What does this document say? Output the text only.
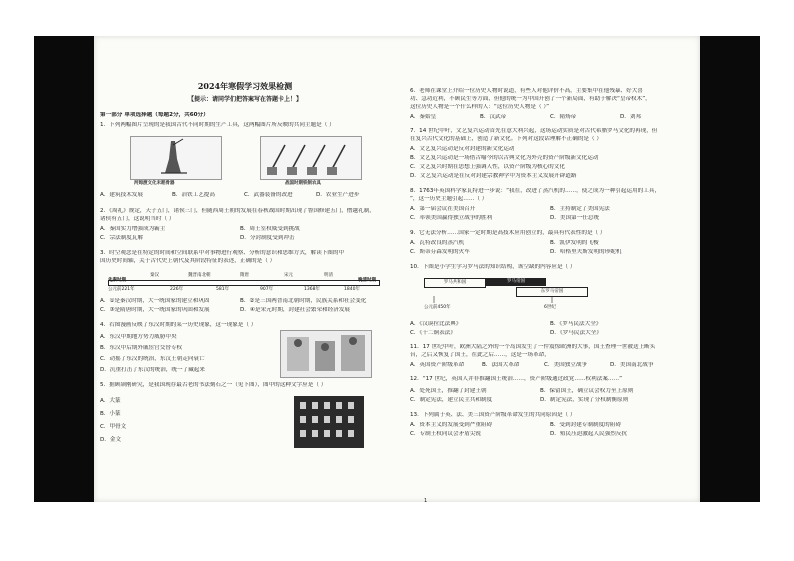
2024年寒假学习效果检测
【提示：请同学们把答案写在答题卡上！】
第一部分 单项选择题（每题2分，共60分）
1．下列两幅图片呈现的是我国古代不同时期的生产工具，这两幅图片所反映的共同主题是（ ）
河姆渡文化未耜骨器	战国时期铁制农具
A．建筑技术发展	B．冶铁工艺提高	C．武器装备的改进	D．农业生产进步
2．《周礼》规定，天子五门，诸侯三门，但随西周王朝的发展在春秋战国时期出现了鲁国修建五门，僭越礼制，
诸侯有五门，这说明当时（ ）
A．秦国实力增强成为霸主	B．周王室权威受到挑战
C．宗法制度瓦解	D．分封制度受到冲击
3．时空观念是在特定的时间和空间联系中对事物进行观察、分析的意识和思维方式，解读下图的中
国历史时间轴，关于古代史上朝代及其阶段特征的表述，正确的是（ ）
先秦时期
公元前221年	226年	581年	907年	1368年	1840年
秦汉	魏晋南北朝	隋唐	宋元	明清
晚清时期
A．①是秦汉时期，大一统国家的建立和巩固	B．②是三国两晋南北朝时期，民族关系和社会变化
C．③是隋唐时期，大一统国家的巩固和发展	D．④是宋元时期，封建社会繁荣和经济发展
4．右图漫画反映了东汉时期的某一历史现象，这一现象是（ ）
A．东汉中期地方势力威胁中央
B．东汉中后期外戚宦官交替专权
C．动摇了东汉的统治，东汉王朝走向衰亡
D．沉重打击了东汉的统治，统一了藏起来
5．据顾颉刚研究，是我国现存最古老的书法刻石之一（见下图），图中的这种文字应是（ ）
A．大篆
B．小篆
C．甲骨文
D．金文
6．老师在课堂上介绍一位历史人物时说道，有些人对他评价不高，主要集中在他残暴、好大喜
功、急功近利，不顾民生等方面，但他的统一为中国开创了一个新局面，有助于解决“皇帝权术”，
这位历史人物是一个什么样的人：“这位历史人物是（ ）”
A．秦始皇	B．汉武帝	C．隋炀帝	D．刘邦
7．14 世纪中叶，文艺复兴运动首先在意大利兴起，这场运动实质是对古代希腊罗马文化的再现，但
在复兴古代文化的基础上，创造了新文化。下列对这段话理解不正确的是（ ）
A．文艺复兴运动是反对封建的新文化运动
B．文艺复兴运动是一场借古喻今的以古典文化为外壳的资产阶级新文化运动
C．文艺复兴时期在思想上强调人性，以资产阶级为核心的文化
D．文艺复兴运动是在反对封建宗教神学中为资本主义发展开辟道路
8．1763年英国科学家瓦特进一步说：“我在，改进了蒸汽机的……，使之成为一种引起运用的工具，
”，这一历史主题引起……（ ）
A．第一届会议在美国召开	B．主持制定了美国宪法
C．率领美国赢得独立战争的胜利	D．美国第一任总统
9．它无法分析……国家一定时期是高技术应用创立的，最具有代表性的是（ ）
A．瓦特改良的蒸汽机	B．凯伊发明的飞梭
C．斯蒂芬森发明的火车	D．哈格里夫斯发明的珍妮机
10．下图是小学生学习罗马法的知识结构，该空缺的内容应是（ ）
罗马共和国	罗马帝国
东罗马帝国
公元前450年	6世纪
A．《汉谟拉比法典》	B．《罗马民法大全》
C．《十二铜表法》	D．《罗马民法大全》
11．17 世纪中叶，欧洲大陆之外的一个岛国发生了一件震惊欧洲的大事，国王查理一世被送上断头
台，之后又恢复了国王，在此之后……，这是一场革命，
A．英国资产阶级革命	B．法国大革命	C．美国独立战争	D．美国南北战争
12．“17 世纪，英国人并非推翻国王统治……，资产阶级通过政党……权利法案……”
A．处死国王，推翻了封建王朝	B．保留国王，确立议会权力至上原则
C．制定宪法，建立民主共和制度	D．制定宪法，实现了分权制衡原则
13．下列属于英、法、美三国资产阶级革命发生的共同原因是（ ）
A．资本主义的发展受到严重阻碍	B．受到封建专制制度的阻碍
C．专制王权同议会矛盾尖锐	D．殖民压迫激起人民强烈反抗
1
